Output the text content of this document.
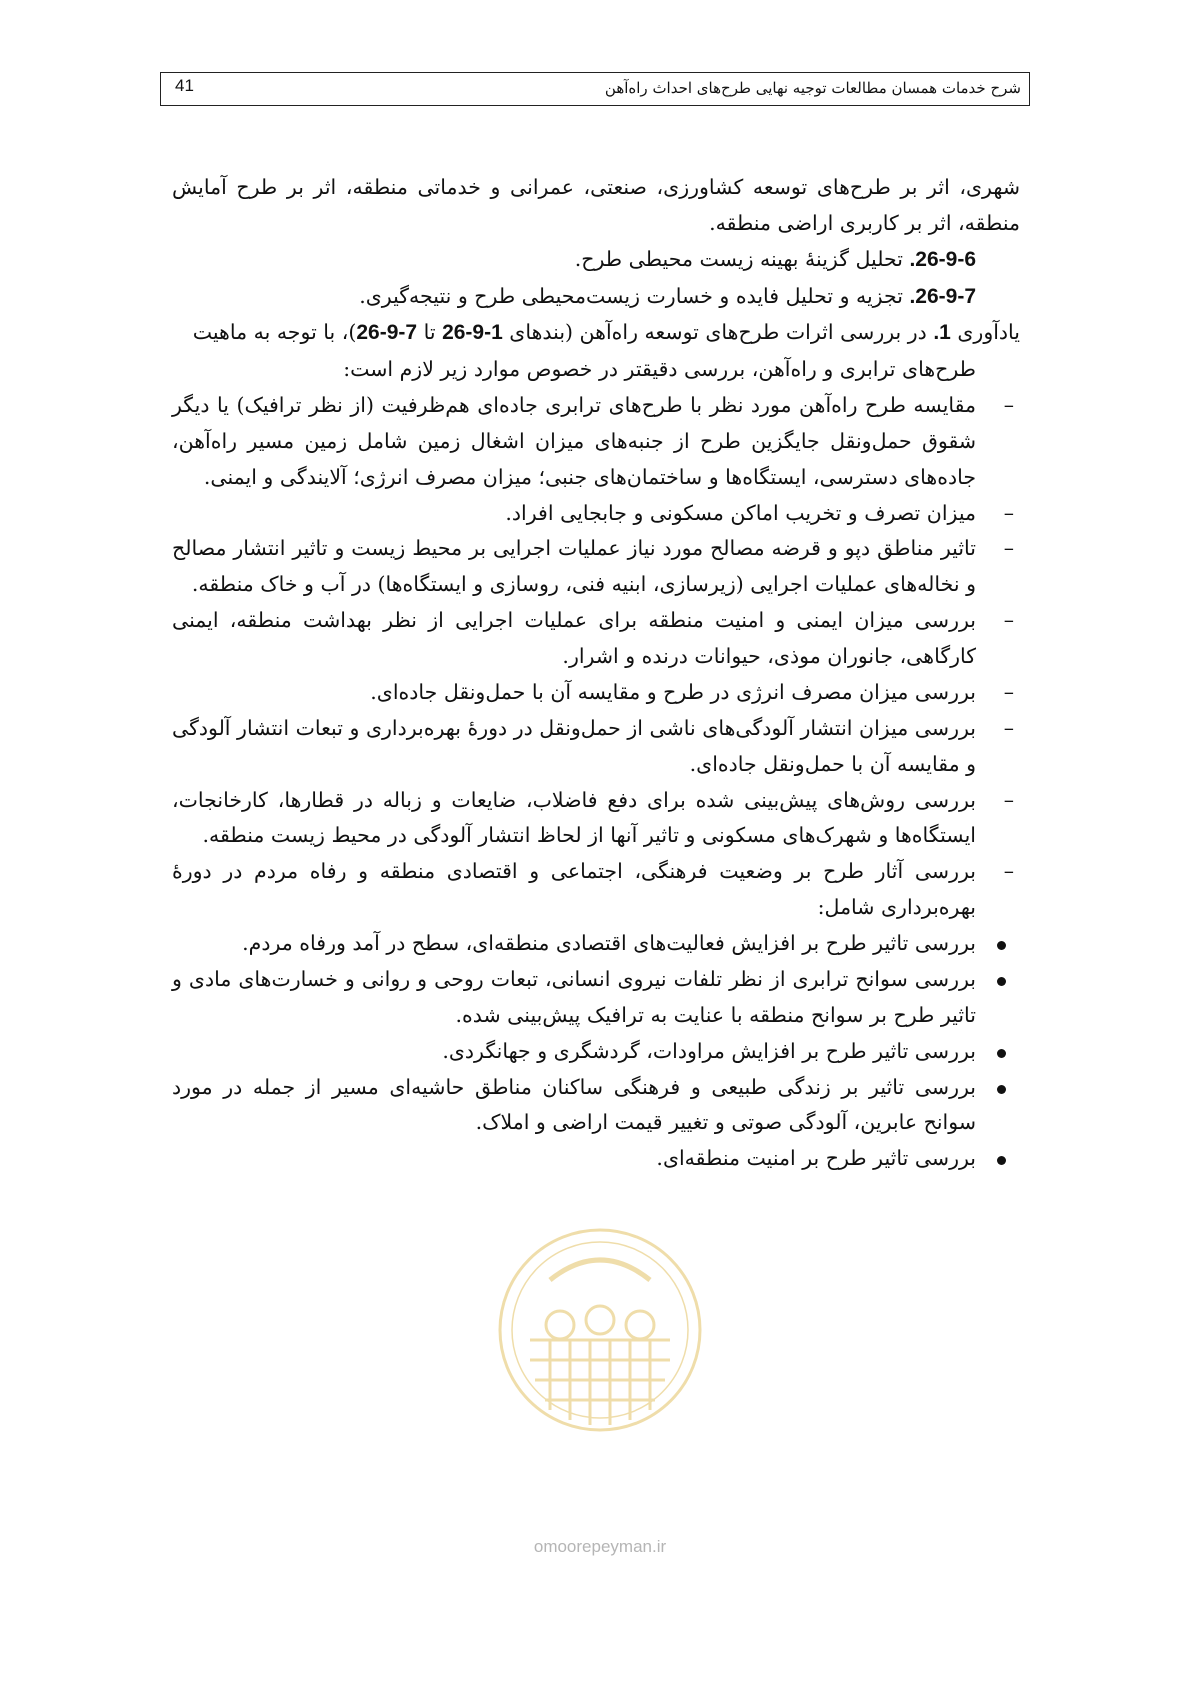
41	شرح خدمات همسان مطالعات توجیه نهایی طرح‌های احداث راه‌آهن

شهری، اثر بر طرح‌های توسعه کشاورزی، صنعتی، عمرانی و خدماتی منطقه، اثر بر طرح آمایش منطقه، اثر بر کاربری اراضی منطقه.

26-9-6. تحلیل گزینهٔ بهینه زیست محیطی طرح.

26-9-7. تجزیه و تحلیل فایده و خسارت زیست‌محیطی طرح و نتیجه‌گیری.

یادآوری 1. در بررسی اثرات طرح‌های توسعه راه‌آهن (بندهای 26-9-1 تا 26-9-7)، با توجه به ماهیت

طرح‌های ترابری و راه‌آهن، بررسی دقیقتر در خصوص موارد زیر لازم است:

–
مقایسه طرح راه‌آهن مورد نظر با طرح‌های ترابری جاده‌ای هم‌ظرفیت (از نظر ترافیک) یا دیگر شقوق حمل‌ونقل جایگزین طرح از جنبه‌های میزان اشغال زمین شامل زمین مسیر راه‌آهن، جاده‌های دسترسی، ایستگاه‌ها و ساختمان‌های جنبی؛ میزان مصرف انرژی؛ آلایندگی و ایمنی.

–
میزان تصرف و تخریب اماکن مسکونی و جابجایی افراد.

–
تاثیر مناطق دپو و قرضه مصالح مورد نیاز عملیات اجرایی بر محیط زیست و تاثیر انتشار مصالح و نخاله‌های عملیات اجرایی (زیرسازی، ابنیه فنی، روسازی و ایستگاه‌ها) در آب و خاک منطقه.

–
بررسی میزان ایمنی و امنیت منطقه برای عملیات اجرایی از نظر بهداشت منطقه، ایمنی کارگاهی، جانوران موذی، حیوانات درنده و اشرار.

–
بررسی میزان مصرف انرژی در طرح و مقایسه آن با حمل‌ونقل جاده‌ای.

–
بررسی میزان انتشار آلودگی‌های ناشی از حمل‌ونقل در دورهٔ بهره‌برداری و تبعات انتشار آلودگی و مقایسه آن با حمل‌ونقل جاده‌ای.

–
بررسی روش‌های پیش‌بینی شده برای دفع فاضلاب، ضایعات و زباله در قطارها، کارخانجات، ایستگاه‌ها و شهرک‌های مسکونی و تاثیر آنها از لحاظ انتشار آلودگی در محیط زیست منطقه.

–
بررسی آثار طرح بر وضعیت فرهنگی، اجتماعی و اقتصادی منطقه و رفاه مردم در دورهٔ بهره‌برداری شامل:

بررسی تاثیر طرح بر افزایش فعالیت‌های اقتصادی منطقه‌ای، سطح در آمد ورفاه مردم.

بررسی سوانح ترابری از نظر تلفات نیروی انسانی، تبعات روحی و روانی و خسارت‌های مادی و تاثیر طرح بر سوانح منطقه با عنایت به ترافیک پیش‌بینی شده.

بررسی تاثیر طرح بر افزایش مراودات، گردشگری و جهانگردی.

بررسی تاثیر بر زندگی طبیعی و فرهنگی ساکنان مناطق حاشیه‌ای مسیر از جمله در مورد سوانح عابرین، آلودگی صوتی و تغییر قیمت اراضی و املاک.

بررسی تاثیر طرح بر امنیت منطقه‌ای.

omoorepeyman.ir
